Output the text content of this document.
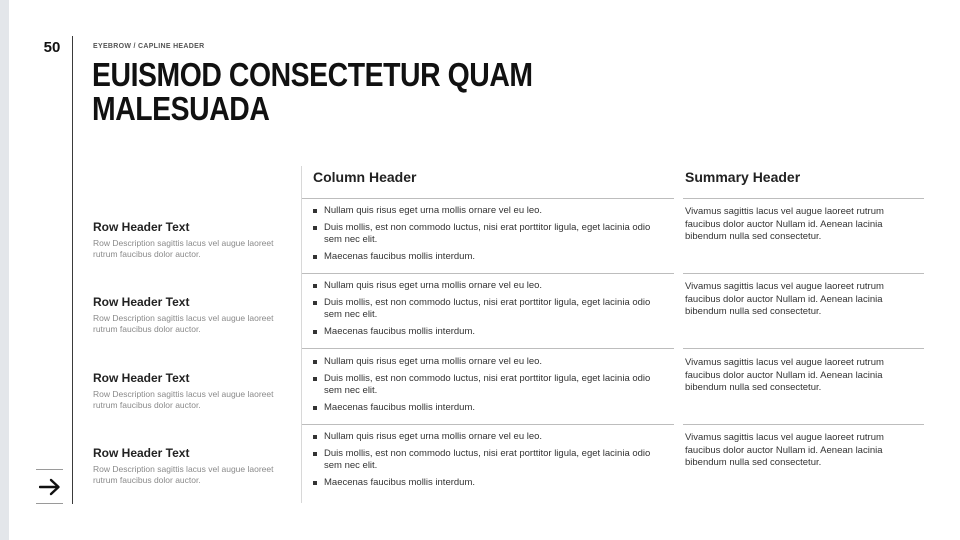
50	EYEBROW / CAPLINE HEADER
EUISMOD CONSECTETUR QUAM MALESUADA
Column Header	Summary Header
Row Header Text
Row Description sagittis lacus vel augue laoreet rutrum faucibus dolor auctor.
Nullam quis risus eget urna mollis ornare vel eu leo.
Duis mollis, est non commodo luctus, nisi erat porttitor ligula, eget lacinia odio sem nec elit.
Maecenas faucibus mollis interdum.
Vivamus sagittis lacus vel augue laoreet rutrum faucibus dolor auctor Nullam id. Aenean lacinia bibendum nulla sed consectetur.
Row Header Text
Row Description sagittis lacus vel augue laoreet rutrum faucibus dolor auctor.
Nullam quis risus eget urna mollis ornare vel eu leo.
Duis mollis, est non commodo luctus, nisi erat porttitor ligula, eget lacinia odio sem nec elit.
Maecenas faucibus mollis interdum.
Vivamus sagittis lacus vel augue laoreet rutrum faucibus dolor auctor Nullam id. Aenean lacinia bibendum nulla sed consectetur.
Row Header Text
Row Description sagittis lacus vel augue laoreet rutrum faucibus dolor auctor.
Nullam quis risus eget urna mollis ornare vel eu leo.
Duis mollis, est non commodo luctus, nisi erat porttitor ligula, eget lacinia odio sem nec elit.
Maecenas faucibus mollis interdum.
Vivamus sagittis lacus vel augue laoreet rutrum faucibus dolor auctor Nullam id. Aenean lacinia bibendum nulla sed consectetur.
Row Header Text
Row Description sagittis lacus vel augue laoreet rutrum faucibus dolor auctor.
Nullam quis risus eget urna mollis ornare vel eu leo.
Duis mollis, est non commodo luctus, nisi erat porttitor ligula, eget lacinia odio sem nec elit.
Maecenas faucibus mollis interdum.
Vivamus sagittis lacus vel augue laoreet rutrum faucibus dolor auctor Nullam id. Aenean lacinia bibendum nulla sed consectetur.
